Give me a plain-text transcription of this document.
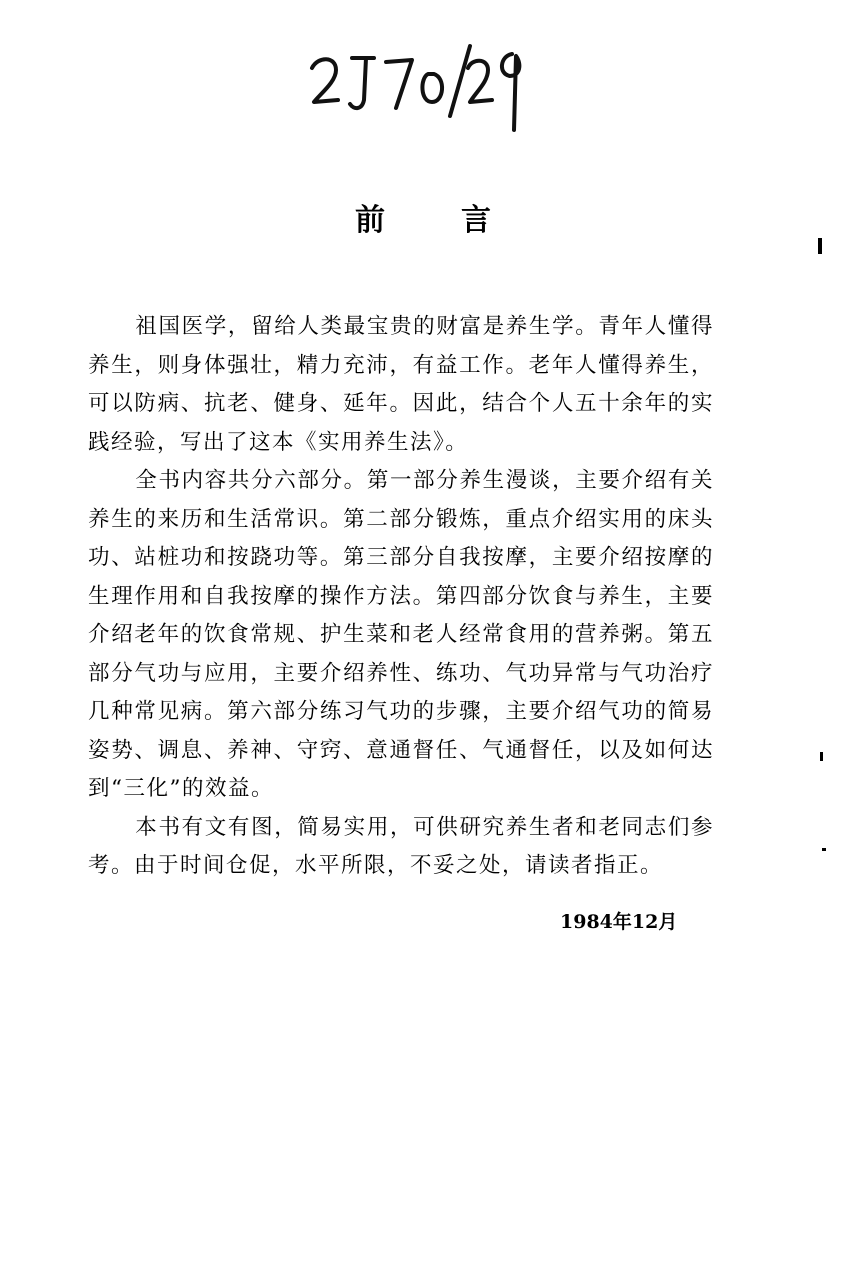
前	言

祖国医学，留给人类最宝贵的财富是养生学。青年人懂得养生，则身体强壮，精力充沛，有益工作。老年人懂得养生，可以防病、抗老、健身、延年。因此，结合个人五十余年的实践经验，写出了这本《实用养生法》。

全书内容共分六部分。第一部分养生漫谈，主要介绍有关养生的来历和生活常识。第二部分锻炼，重点介绍实用的床头功、站桩功和按跷功等。第三部分自我按摩，主要介绍按摩的生理作用和自我按摩的操作方法。第四部分饮食与养生，主要介绍老年的饮食常规、护生菜和老人经常食用的营养粥。第五部分气功与应用，主要介绍养性、练功、气功异常与气功治疗几种常见病。第六部分练习气功的步骤，主要介绍气功的简易姿势、调息、养神、守窍、意通督任、气通督任，以及如何达到“三化”的效益。

本书有文有图，简易实用，可供研究养生者和老同志们参考。由于时间仓促，水平所限，不妥之处，请读者指正。

1984年12月
